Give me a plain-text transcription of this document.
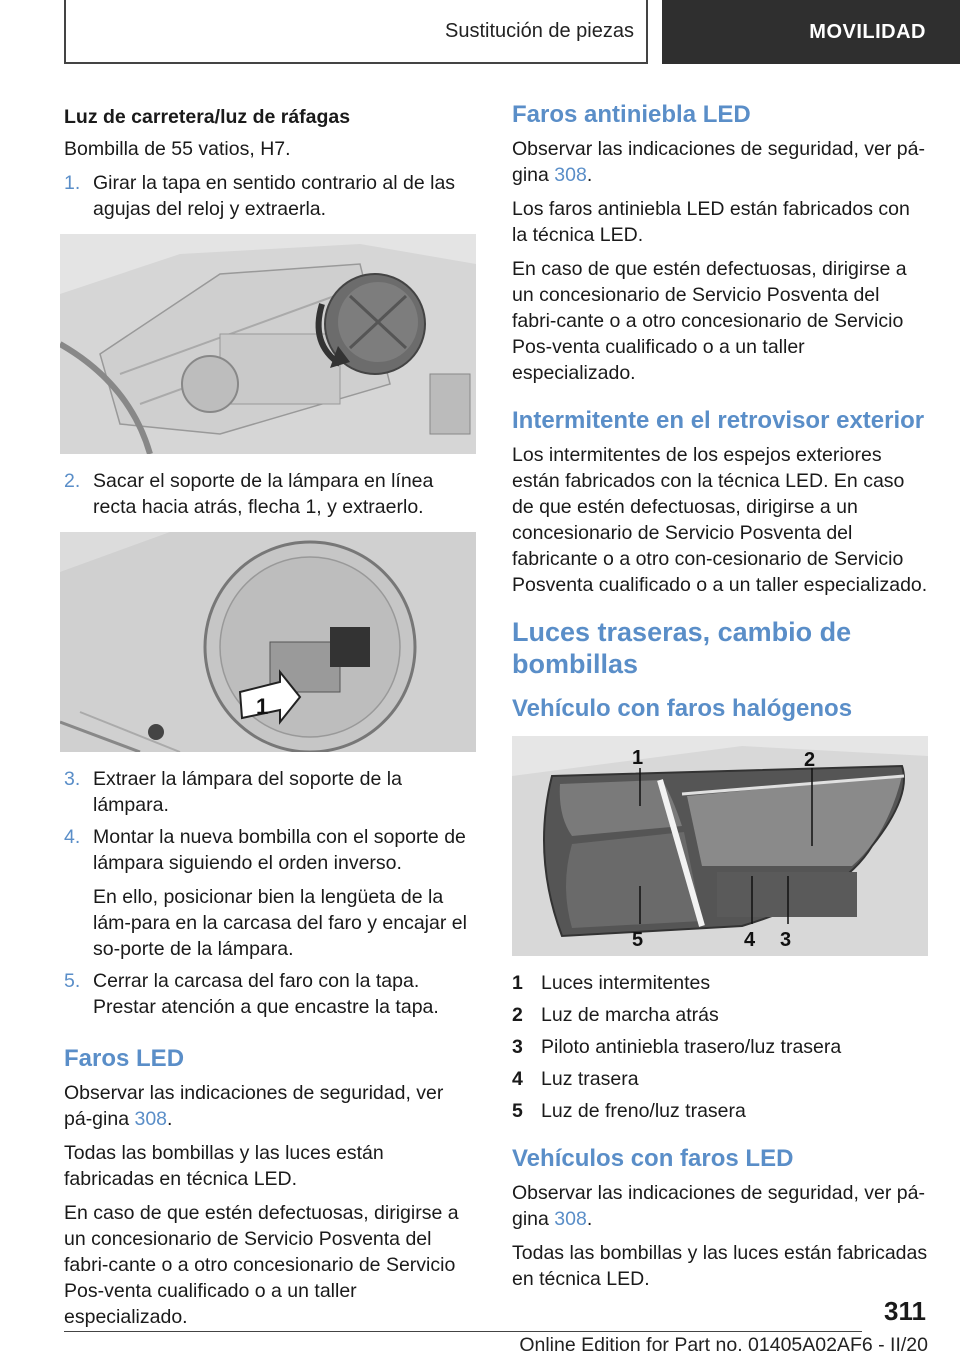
Sustitución de piezas	MOVILIDAD
Luz de carretera/luz de ráfagas

Bombilla de 55 vatios, H7.

1. Girar la tapa en sentido contrario al de las agujas del reloj y extraerla.
2. Sacar el soporte de la lámpara en línea recta hacia atrás, flecha 1, y extraerlo.
1
3. Extraer la lámpara del soporte de la lámpara.
4. Montar la nueva bombilla con el soporte de lámpara siguiendo el orden inverso.
En ello, posicionar bien la lengüeta de la lám-para en la carcasa del faro y encajar el so-porte de la lámpara.
5. Cerrar la carcasa del faro con la tapa. Prestar atención a que encastre la tapa.
Faros LED

Observar las indicaciones de seguridad, ver pá-gina 308.

Todas las bombillas y las luces están fabricadas en técnica LED.

En caso de que estén defectuosas, dirigirse a un concesionario de Servicio Posventa del fabri-cante o a otro concesionario de Servicio Pos-venta cualificado o a un taller especializado.

Faros antiniebla LED

Observar las indicaciones de seguridad, ver pá-gina 308.

Los faros antiniebla LED están fabricados con la técnica LED.

En caso de que estén defectuosas, dirigirse a un concesionario de Servicio Posventa del fabri-cante o a otro concesionario de Servicio Pos-venta cualificado o a un taller especializado.

Intermitente en el retrovisor exterior

Los intermitentes de los espejos exteriores están fabricados con la técnica LED. En caso de que estén defectuosas, dirigirse a un concesionario de Servicio Posventa del fabricante o a otro con-cesionario de Servicio Posventa cualificado o a un taller especializado.

Luces traseras, cambio de bombillas
Vehículo con faros halógenos
1	2
5	4 3
1 Luces intermitentes
2 Luz de marcha atrás
3 Piloto antiniebla trasero/luz trasera
4 Luz trasera
5 Luz de freno/luz trasera
Vehículos con faros LED

Observar las indicaciones de seguridad, ver pá-gina 308.

Todas las bombillas y las luces están fabricadas en técnica LED.

311
Online Edition for Part no. 01405A02AF6 - II/20
